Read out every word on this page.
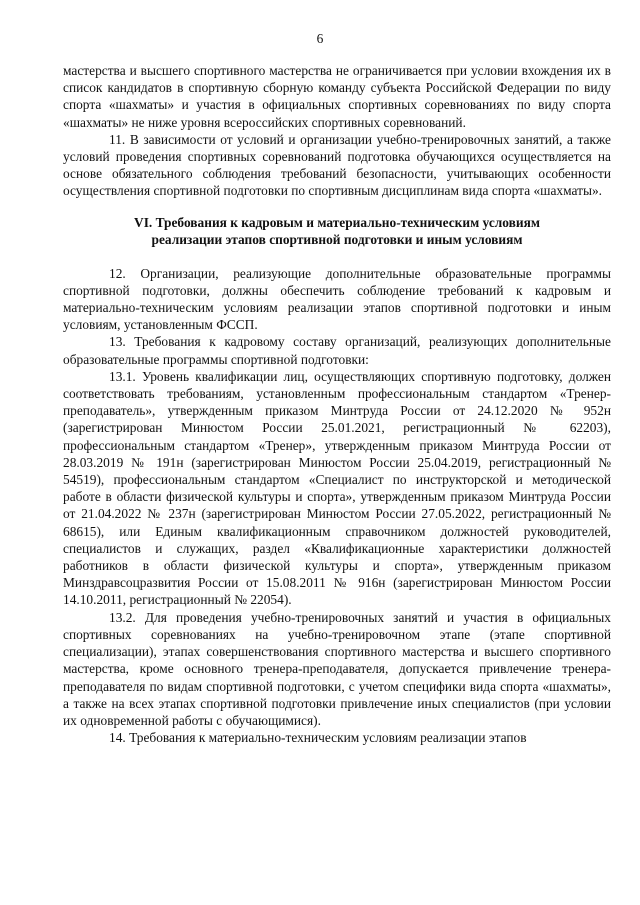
6

мастерства и высшего спортивного мастерства не ограничивается при условии вхождения их в список кандидатов в спортивную сборную команду субъекта Российской Федерации по виду спорта «шахматы» и участия в официальных спортивных соревнованиях по виду спорта «шахматы» не ниже уровня всероссийских спортивных соревнований.

11. В зависимости от условий и организации учебно-тренировочных занятий, а также условий проведения спортивных соревнований подготовка обучающихся осуществляется на основе обязательного соблюдения требований безопасности, учитывающих особенности осуществления спортивной подготовки по спортивным дисциплинам вида спорта «шахматы».

VI. Требования к кадровым и материально-техническим условиям
реализации этапов спортивной подготовки и иным условиям

12. Организации, реализующие дополнительные образовательные программы спортивной подготовки, должны обеспечить соблюдение требований к кадровым и материально-техническим условиям реализации этапов спортивной подготовки и иным условиям, установленным ФССП.

13. Требования к кадровому составу организаций, реализующих дополнительные образовательные программы спортивной подготовки:

13.1. Уровень квалификации лиц, осуществляющих спортивную подготовку, должен соответствовать требованиям, установленным профессиональным стандартом «Тренер-преподаватель», утвержденным приказом Минтруда России от 24.12.2020 № 952н (зарегистрирован Минюстом России 25.01.2021, регистрационный № 62203), профессиональным стандартом «Тренер», утвержденным приказом Минтруда России от 28.03.2019 № 191н (зарегистрирован Минюстом России 25.04.2019, регистрационный № 54519), профессиональным стандартом «Специалист по инструкторской и методической работе в области физической культуры и спорта», утвержденным приказом Минтруда России от 21.04.2022 № 237н (зарегистрирован Минюстом России 27.05.2022, регистрационный № 68615), или Единым квалификационным справочником должностей руководителей, специалистов и служащих, раздел «Квалификационные характеристики должностей работников в области физической культуры и спорта», утвержденным приказом Минздравсоцразвития России от 15.08.2011 № 916н (зарегистрирован Минюстом России 14.10.2011, регистрационный № 22054).

13.2. Для проведения учебно-тренировочных занятий и участия в официальных спортивных соревнованиях на учебно-тренировочном этапе (этапе спортивной специализации), этапах совершенствования спортивного мастерства и высшего спортивного мастерства, кроме основного тренера-преподавателя, допускается привлечение тренера-преподавателя по видам спортивной подготовки, с учетом специфики вида спорта «шахматы», а также на всех этапах спортивной подготовки привлечение иных специалистов (при условии их одновременной работы с обучающимися).

14. Требования к материально-техническим условиям реализации этапов
